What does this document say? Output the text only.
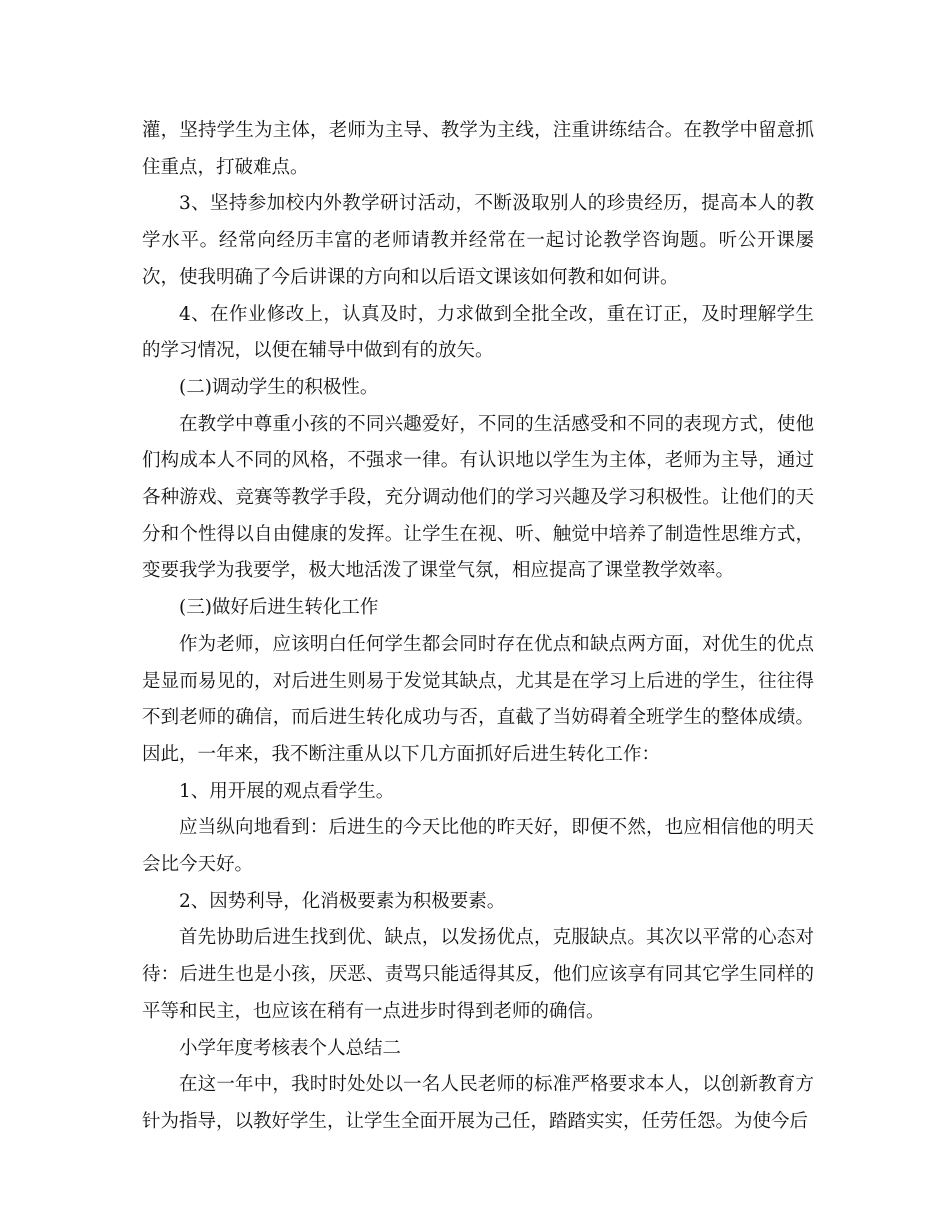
灌，坚持学生为主体，老师为主导、教学为主线，注重讲练结合。在教学中留意抓住重点，打破难点。

3、坚持参加校内外教学研讨活动，不断汲取别人的珍贵经历，提高本人的教学水平。经常向经历丰富的老师请教并经常在一起讨论教学咨询题。听公开课屡次，使我明确了今后讲课的方向和以后语文课该如何教和如何讲。

4、在作业修改上，认真及时，力求做到全批全改，重在订正，及时理解学生的学习情况，以便在辅导中做到有的放矢。

(二)调动学生的积极性。

在教学中尊重小孩的不同兴趣爱好，不同的生活感受和不同的表现方式，使他们构成本人不同的风格，不强求一律。有认识地以学生为主体，老师为主导，通过各种游戏、竞赛等教学手段，充分调动他们的学习兴趣及学习积极性。让他们的天分和个性得以自由健康的发挥。让学生在视、听、触觉中培养了制造性思维方式，变要我学为我要学，极大地活泼了课堂气氛，相应提高了课堂教学效率。

(三)做好后进生转化工作

作为老师，应该明白任何学生都会同时存在优点和缺点两方面，对优生的优点是显而易见的，对后进生则易于发觉其缺点，尤其是在学习上后进的学生，往往得不到老师的确信，而后进生转化成功与否，直截了当妨碍着全班学生的整体成绩。因此，一年来，我不断注重从以下几方面抓好后进生转化工作：

1、用开展的观点看学生。

应当纵向地看到：后进生的今天比他的昨天好，即便不然，也应相信他的明天会比今天好。

2、因势利导，化消极要素为积极要素。

首先协助后进生找到优、缺点，以发扬优点，克服缺点。其次以平常的心态对待：后进生也是小孩，厌恶、责骂只能适得其反，他们应该享有同其它学生同样的平等和民主，也应该在稍有一点进步时得到老师的确信。

小学年度考核表个人总结二

在这一年中，我时时处处以一名人民老师的标准严格要求本人，以创新教育方针为指导，以教好学生，让学生全面开展为己任，踏踏实实，任劳任怨。为使今后
